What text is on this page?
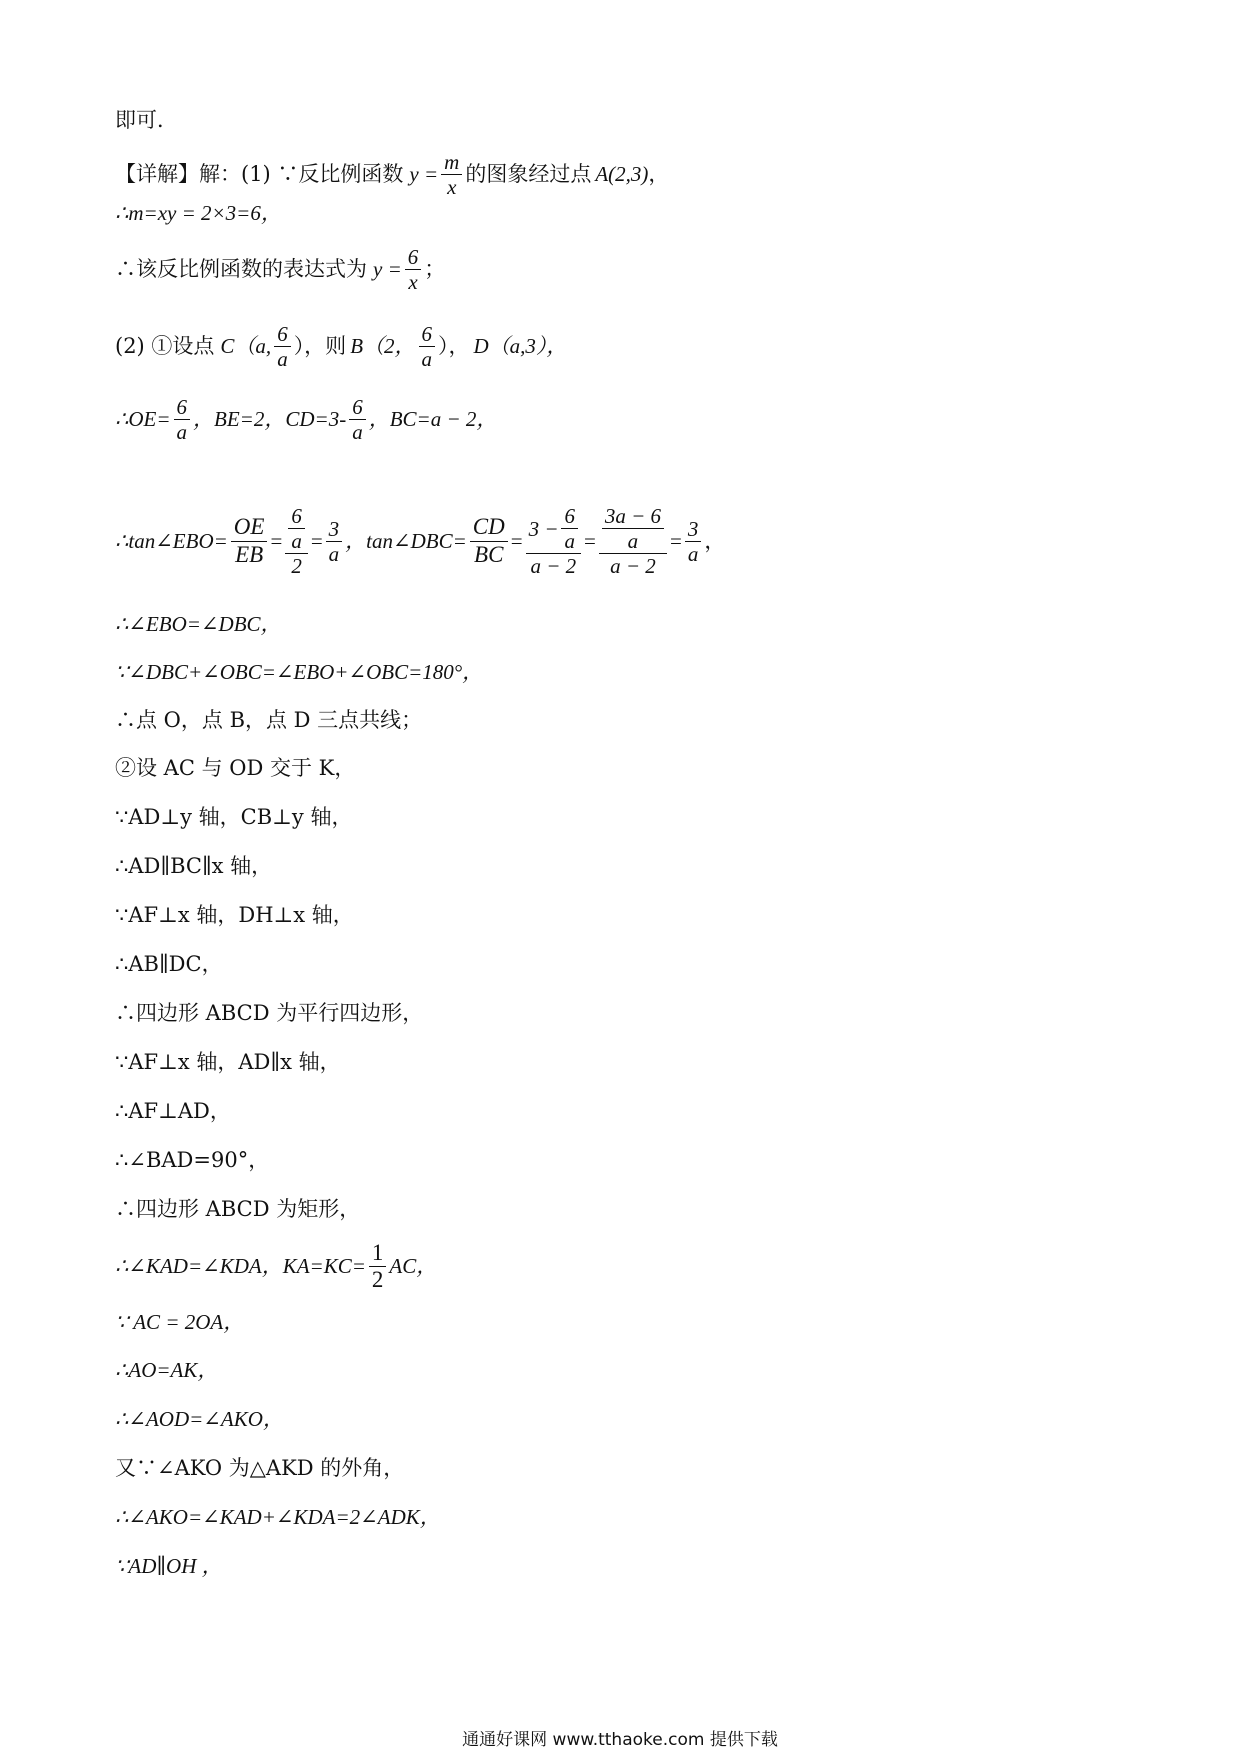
即可．
【详解】解：(1) ∵反比例函数 $y = \frac{m}{x}$ 的图象经过点 A(2,3) ，
∴m=xy = 2×3=6，
∴该反比例函数的表达式为 $y = \frac{6}{x}$ ；
(2) ①设点 C（a, $\frac{6}{a}$ ），则 B（2， $\frac{6}{a}$ ）， D（a,3），
∴OE= $\frac{6}{a}$ ，BE=2，$CD=3- \frac{6}{a}$ ，BC=a − 2，
∴tan∠EBO= $\frac{OE}{EB} = \frac{\frac{6}{a}}{2} = \frac{3}{a}$ ，tan∠DBC= $\frac{CD}{BC} = \frac{3 - \frac{6}{a}}{a - 2} = \frac{\frac{3a - 6}{a}}{a - 2} = \frac{3}{a}$ ，
∴∠EBO=∠DBC，
∵∠DBC+∠OBC=∠EBO+∠OBC=180°，
∴点 O，点 B，点 D 三点共线；
②设 AC 与 OD 交于 K，
∵AD⊥y 轴，CB⊥y 轴，
∴AD∥BC∥x 轴，
∵AF⊥x 轴，DH⊥x 轴，
∴AB∥DC，
∴四边形 ABCD 为平行四边形，
∵AF⊥x 轴，AD∥x 轴，
∴AF⊥AD，
∴∠BAD=90°，
∴四边形 ABCD 为矩形，
∴∠KAD=∠KDA，$KA=KC= \frac{1}{2}$ AC，
∵ AC = 2OA，
∴AO=AK，
∴∠AOD=∠AKO，
又∵∠AKO 为△AKD 的外角，
∴∠AKO=∠KAD+∠KDA=2∠ADK，
∵AD∥OH ，
通通好课网 www.tthaoke.com 提供下载
